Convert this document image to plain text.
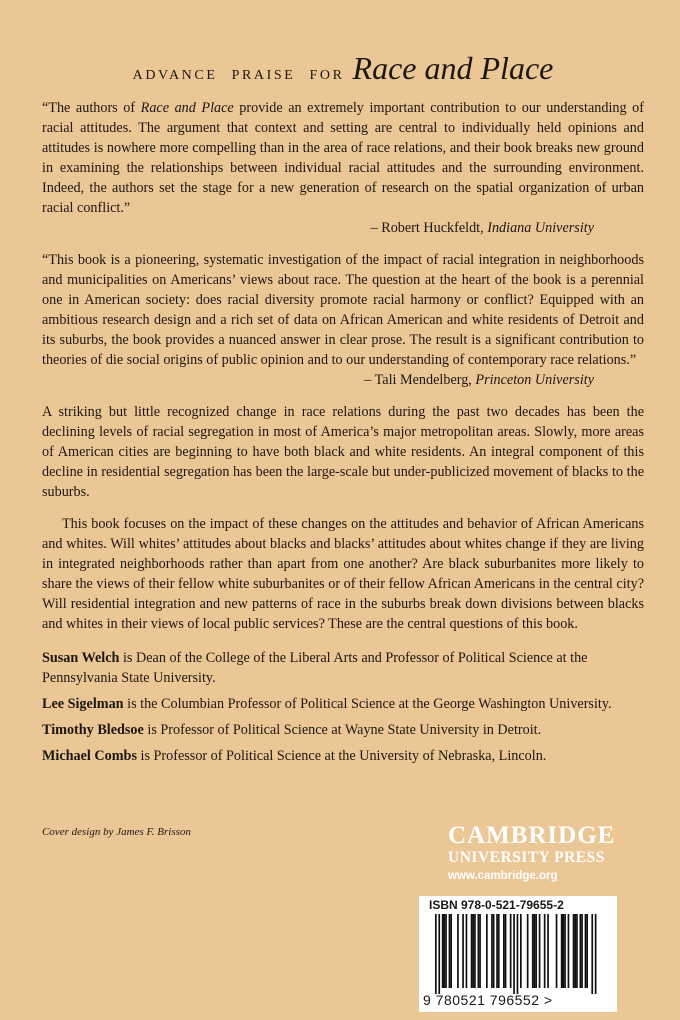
ADVANCE PRAISE FOR Race and Place

“The authors of Race and Place provide an extremely important contribution to our understanding of racial attitudes. The argument that context and setting are central to individually held opinions and attitudes is nowhere more compelling than in the area of race relations, and their book breaks new ground in examining the relationships between individual racial attitudes and the surrounding environment. Indeed, the authors set the stage for a new generation of research on the spatial organization of urban racial conflict.”

– Robert Huckfeldt, Indiana University

“This book is a pioneering, systematic investigation of the impact of racial integration in neighborhoods and municipalities on Americans’ views about race. The question at the heart of the book is a perennial one in American society: does racial diversity promote racial harmony or conflict? Equipped with an ambitious research design and a rich set of data on African American and white residents of Detroit and its suburbs, the book provides a nuanced answer in clear prose. The result is a significant contribution to theories of die social origins of public opinion and to our understanding of contemporary race relations.”

– Tali Mendelberg, Princeton University

A striking but little recognized change in race relations during the past two decades has been the declining levels of racial segregation in most of America’s major metropolitan areas. Slowly, more areas of American cities are beginning to have both black and white residents. An integral component of this decline in residential segregation has been the large-scale but under-publicized movement of blacks to the suburbs.

This book focuses on the impact of these changes on the attitudes and behavior of African Americans and whites. Will whites’ attitudes about blacks and blacks’ attitudes about whites change if they are living in integrated neighborhoods rather than apart from one another? Are black suburbanites more likely to share the views of their fellow white suburbanites or of their fellow African Americans in the central city? Will residential integration and new patterns of race in the suburbs break down divisions between blacks and whites in their views of local public services? These are the central questions of this book.

Susan Welch is Dean of the College of the Liberal Arts and Professor of Political Science at the Pennsylvania State University.

Lee Sigelman is the Columbian Professor of Political Science at the George Washington University.

Timothy Bledsoe is Professor of Political Science at Wayne State University in Detroit.

Michael Combs is Professor of Political Science at the University of Nebraska, Lincoln.

Cover design by James F. Brisson	CAMBRIDGE
UNIVERSITY PRESS
www.cambridge.org
ISBN 978-0-521-79655-2
9 780521 796552 >
